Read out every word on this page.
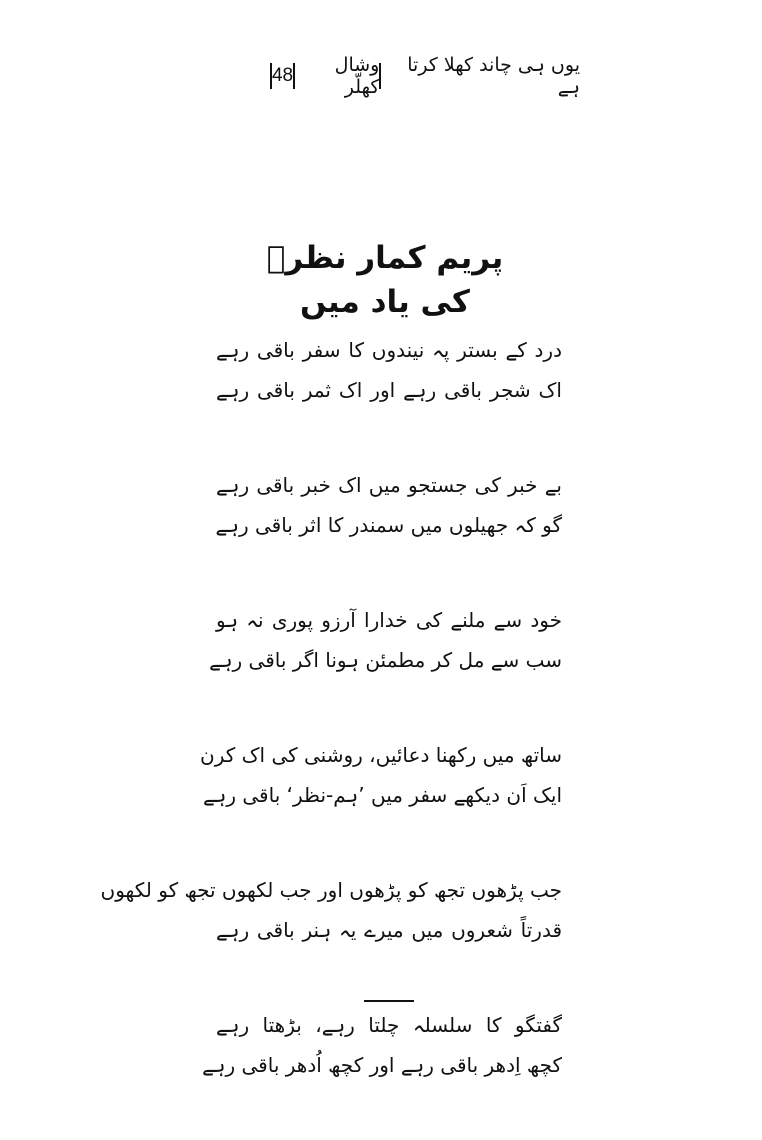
48	وشال کھلّر
یوں ہی چاند کھلا کرتا ہے
پریم کمار نظرؔ کی یاد میں
درد کے بستر پہ نیندوں کا سفر باقی رہے
اک شجر باقی رہے اور اک ثمر باقی رہے
بے خبر کی جستجو میں اک خبر باقی رہے
گو کہ جھیلوں میں سمندر کا اثر باقی رہے
خود سے ملنے کی خدارا آرزو پوری نہ ہو
سب سے مل کر مطمئن ہونا اگر باقی رہے
ساتھ میں رکھنا دعائیں، روشنی کی اک کرن
ایک اَن دیکھے سفر میں ’ہم-نظر‘ باقی رہے
جب پڑھوں تجھ کو پڑھوں اور جب لکھوں تجھ کو لکھوں
قدرتاً شعروں میں میرے یہ ہنر باقی رہے
گفتگو کا سلسلہ چلتا رہے، بڑھتا رہے
کچھ اِدھر باقی رہے اور کچھ اُدھر باقی رہے
